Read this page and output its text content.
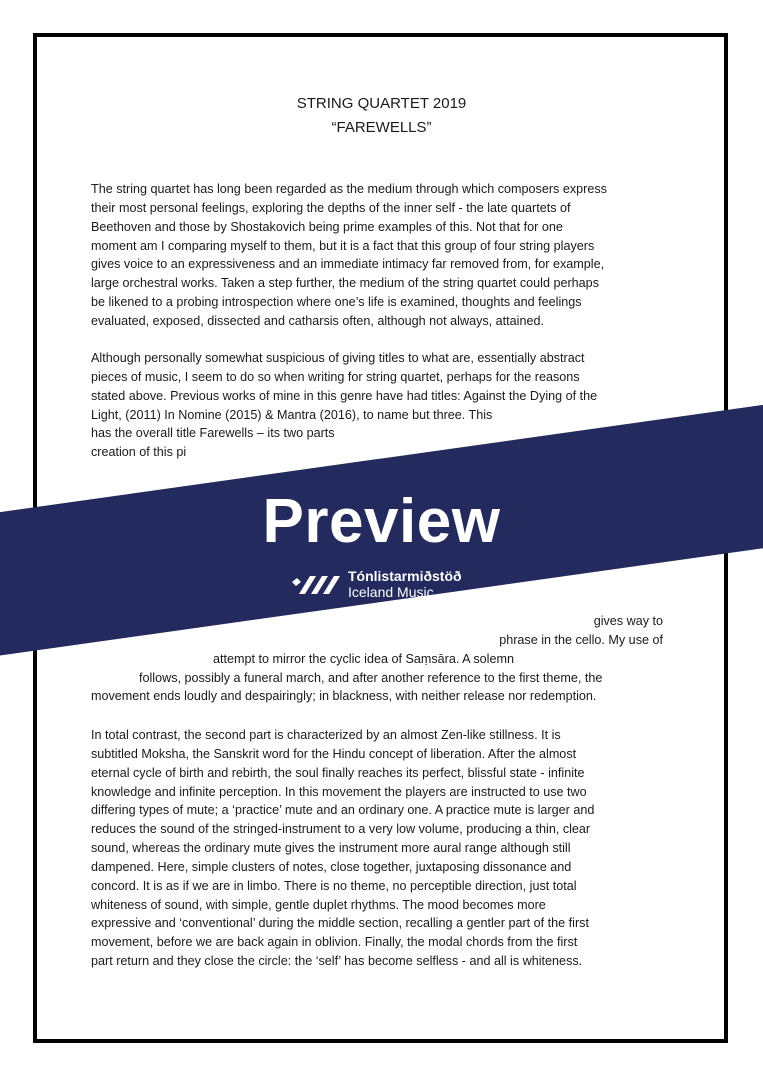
STRING QUARTET 2019
“FAREWELLS”
The string quartet has long been regarded as the medium through which composers express
their most personal feelings, exploring the depths of the inner self - the late quartets of
Beethoven and those by Shostakovich being prime examples of this. Not that for one
moment am I comparing myself to them, but it is a fact that this group of four string players
gives voice to an expressiveness and an immediate intimacy far removed from, for example,
large orchestral works. Taken a step further, the medium of the string quartet could perhaps
be likened to a probing introspection where one’s life is examined, thoughts and feelings
evaluated, exposed, dissected and catharsis often, although not always, attained.
Although personally somewhat suspicious of giving titles to what are, essentially abstract
pieces of music, I seem to do so when writing for string quartet, perhaps for the reasons
stated above. Previous works of mine in this genre have had titles: Against the Dying of the
Light, (2011) In Nomine (2015) & Mantra (2016), to name but three. This
has the overall title Farewells – its two parts
creation of this pi
gives way to
phrase in the cello. My use of
attempt to mirror the cyclic idea of Saṃsāra. A solemn
follows, possibly a funeral march, and after another reference to the first theme, the
movement ends loudly and despairingly; in blackness, with neither release nor redemption.
In total contrast, the second part is characterized by an almost Zen-like stillness. It is
subtitled Moksha, the Sanskrit word for the Hindu concept of liberation. After the almost
eternal cycle of birth and rebirth, the soul finally reaches its perfect, blissful state - infinite
knowledge and infinite perception. In this movement the players are instructed to use two
differing types of mute; a ‘practice’ mute and an ordinary one. A practice mute is larger and
reduces the sound of the stringed-instrument to a very low volume, producing a thin, clear
sound, whereas the ordinary mute gives the instrument more aural range although still
dampened. Here, simple clusters of notes, close together, juxtaposing dissonance and
concord. It is as if we are in limbo. There is no theme, no perceptible direction, just total
whiteness of sound, with simple, gentle duplet rhythms. The mood becomes more
expressive and ‘conventional’ during the middle section, recalling a gentler part of the first
movement, before we are back again in oblivion. Finally, the modal chords from the first
part return and they close the circle: the ‘self’ has become selfless - and all is whiteness.
Preview
Tónlistarmiðstöð
Iceland Music
